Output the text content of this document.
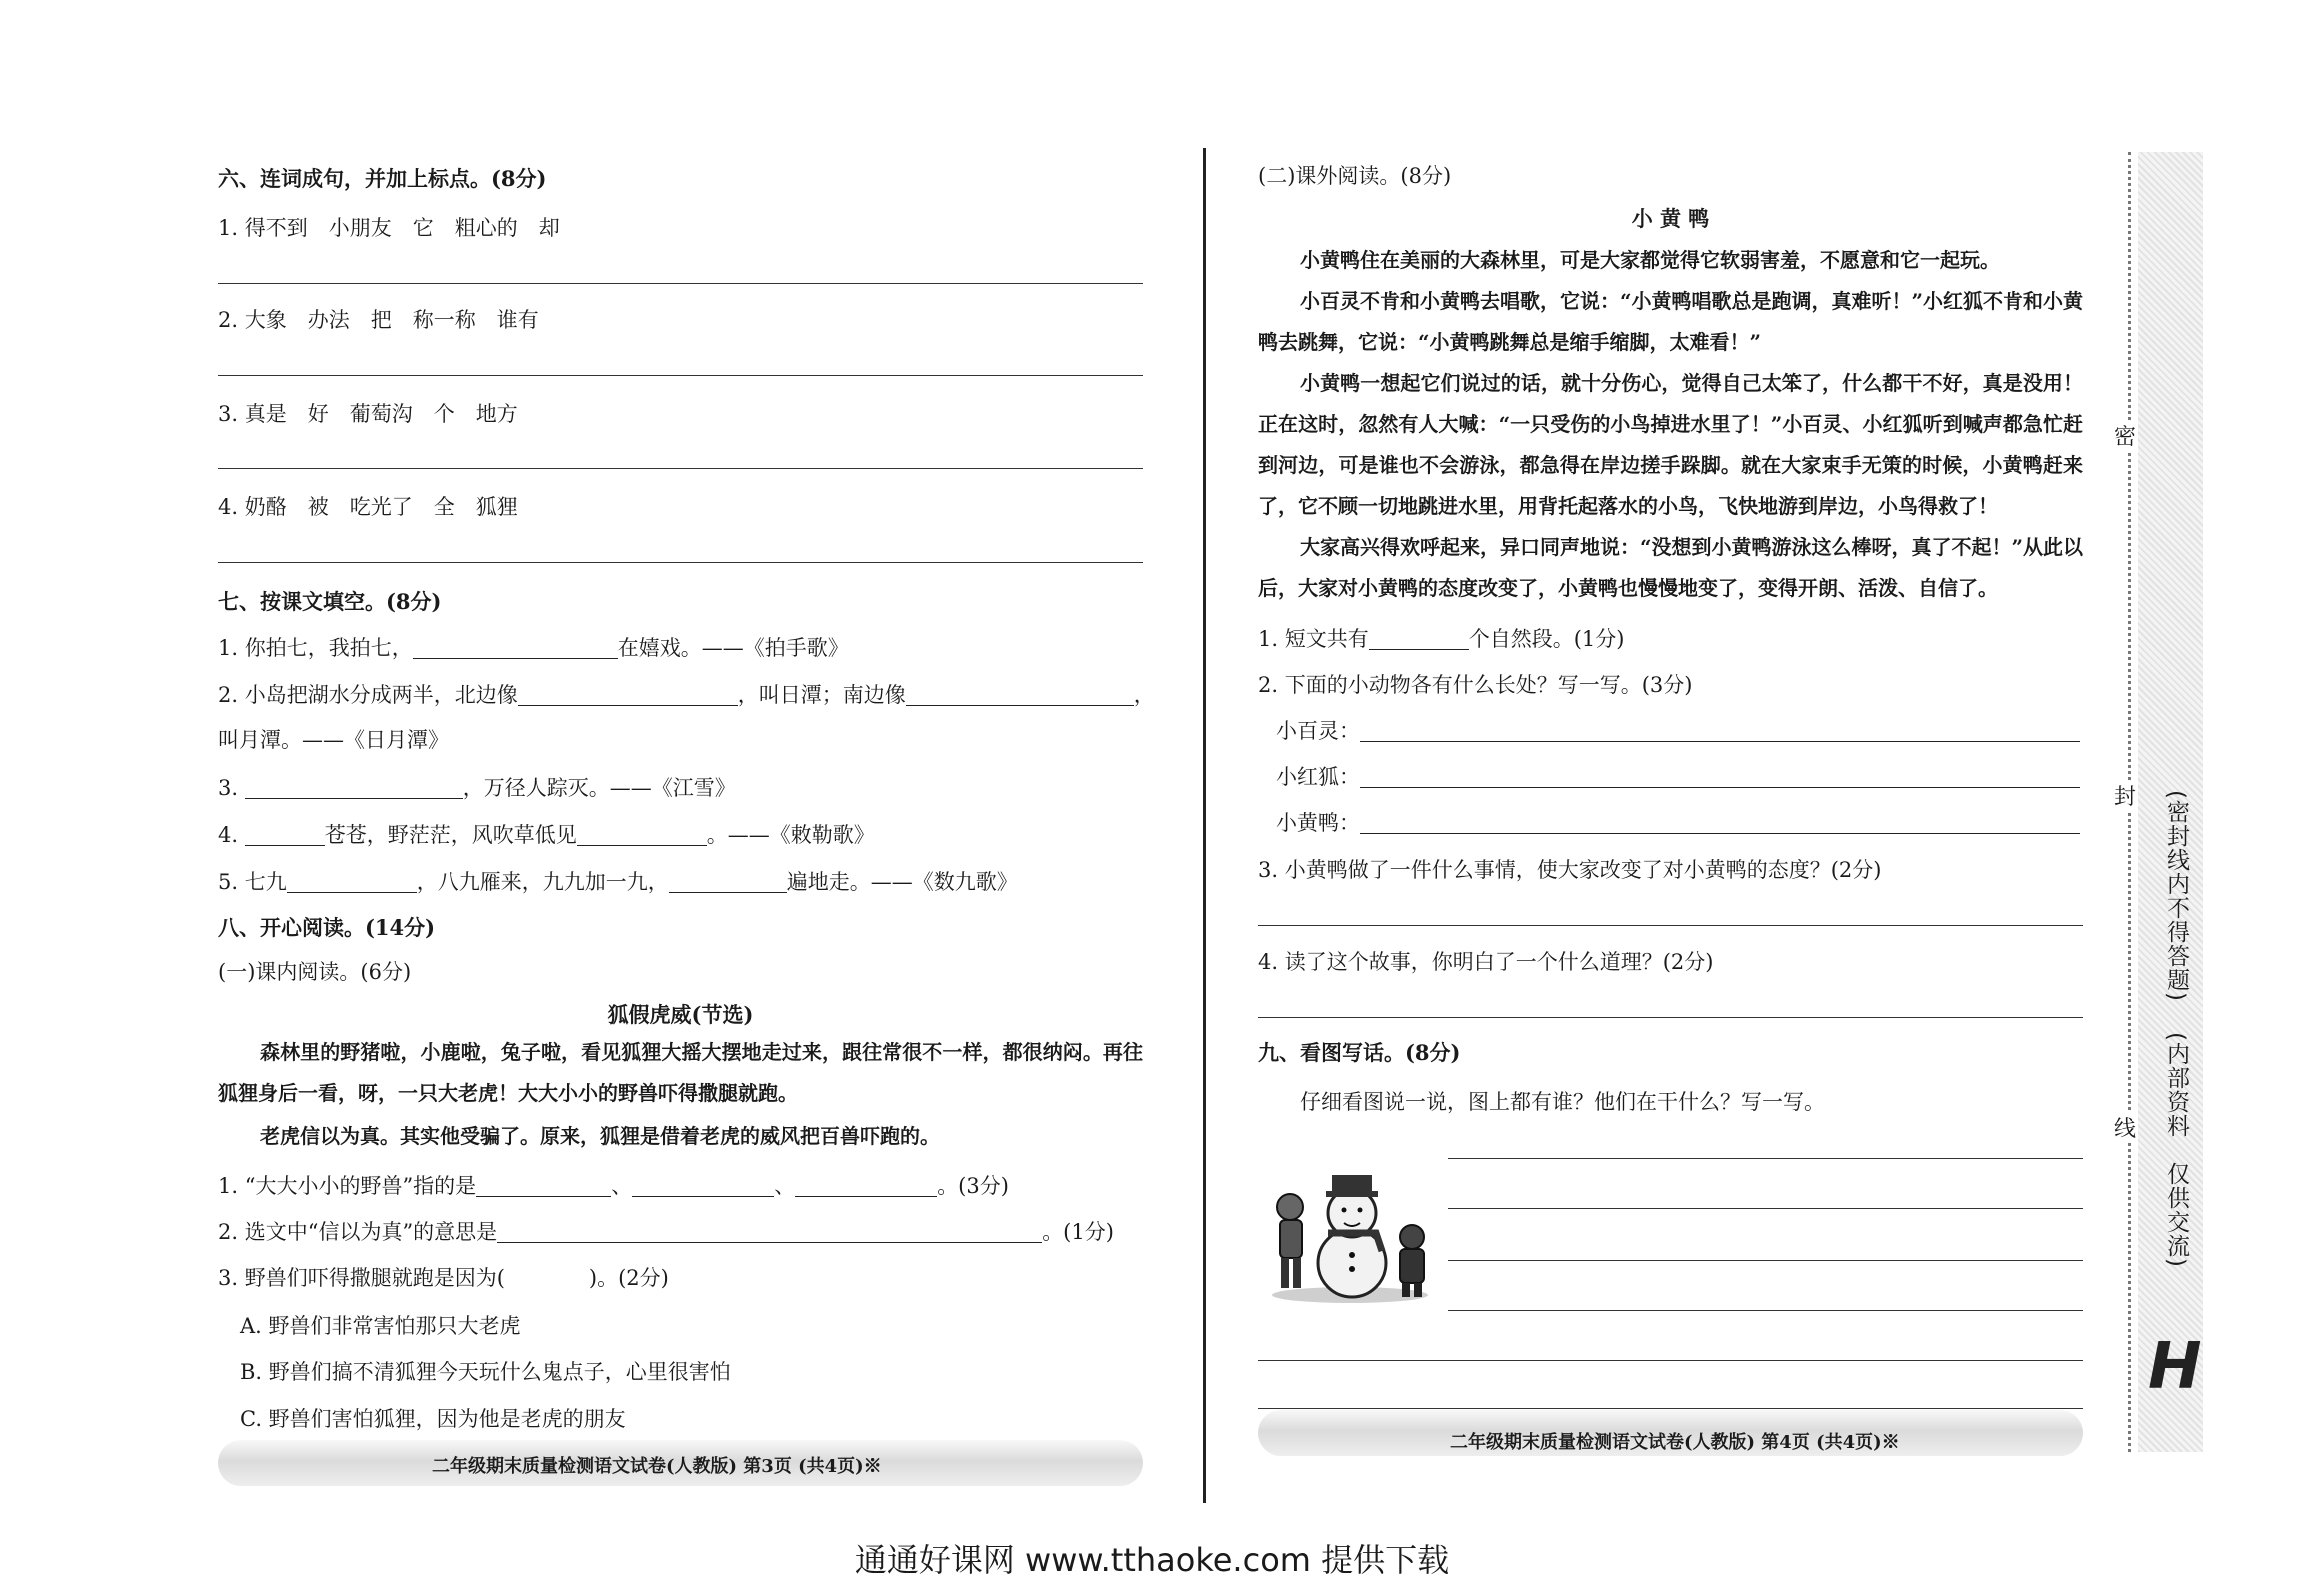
六、连词成句，并加上标点。(8分)
1. 得不到　小朋友　它　粗心的　却
2. 大象　办法　把　称一称　谁有
3. 真是　好　葡萄沟　个　地方
4. 奶酪　被　吃光了　全　狐狸
七、按课文填空。(8分)
1. 你拍七，我拍七，	在嬉戏。——《拍手歌》
2. 小岛把湖水分成两半，北边像	，叫日潭；南边像	，
叫月潭。——《日月潭》
3.	，万径人踪灭。——《江雪》
4.	苍苍，野茫茫，风吹草低见	。——《敕勒歌》
5. 七九	，八九雁来，九九加一九，	遍地走。——《数九歌》
八、开心阅读。(14分)
(一)课内阅读。(6分)
狐假虎威(节选)
森林里的野猪啦，小鹿啦，兔子啦，看见狐狸大摇大摆地走过来，跟往常很不一样，都很纳闷。再往狐狸身后一看，呀，一只大老虎！大大小小的野兽吓得撒腿就跑。
老虎信以为真。其实他受骗了。原来，狐狸是借着老虎的威风把百兽吓跑的。
1. “大大小小的野兽”指的是	、	、	。(3分)
2. 选文中“信以为真”的意思是	。(1分)
3. 野兽们吓得撒腿就跑是因为(　　　　)。(2分)
A. 野兽们非常害怕那只大老虎
B. 野兽们搞不清狐狸今天玩什么鬼点子，心里很害怕
C. 野兽们害怕狐狸，因为他是老虎的朋友
二年级期末质量检测语文试卷(人教版) 第3页 (共4页)※
(二)课外阅读。(8分)
小 黄 鸭
小黄鸭住在美丽的大森林里，可是大家都觉得它软弱害羞，不愿意和它一起玩。
小百灵不肯和小黄鸭去唱歌，它说：“小黄鸭唱歌总是跑调，真难听！”小红狐不肯和小黄鸭去跳舞，它说：“小黄鸭跳舞总是缩手缩脚，太难看！”
小黄鸭一想起它们说过的话，就十分伤心，觉得自己太笨了，什么都干不好，真是没用！正在这时，忽然有人大喊：“一只受伤的小鸟掉进水里了！”小百灵、小红狐听到喊声都急忙赶到河边，可是谁也不会游泳，都急得在岸边搓手跺脚。就在大家束手无策的时候，小黄鸭赶来了，它不顾一切地跳进水里，用背托起落水的小鸟，飞快地游到岸边，小鸟得救了！
大家高兴得欢呼起来，异口同声地说：“没想到小黄鸭游泳这么棒呀，真了不起！”从此以后，大家对小黄鸭的态度改变了，小黄鸭也慢慢地变了，变得开朗、活泼、自信了。
1. 短文共有	个自然段。(1分)
2. 下面的小动物各有什么长处？写一写。(3分)
小百灵：
小红狐：
小黄鸭：
3. 小黄鸭做了一件什么事情，使大家改变了对小黄鸭的态度？(2分)
4. 读了这个故事，你明白了一个什么道理？(2分)
九、看图写话。(8分)
仔细看图说一说，图上都有谁？他们在干什么？写一写。
二年级期末质量检测语文试卷(人教版) 第4页 (共4页)※
密
封
线
(密封线内不得答题)
(内部资料　仅供交流)
H
通通好课网 www.tthaoke.com 提供下载
